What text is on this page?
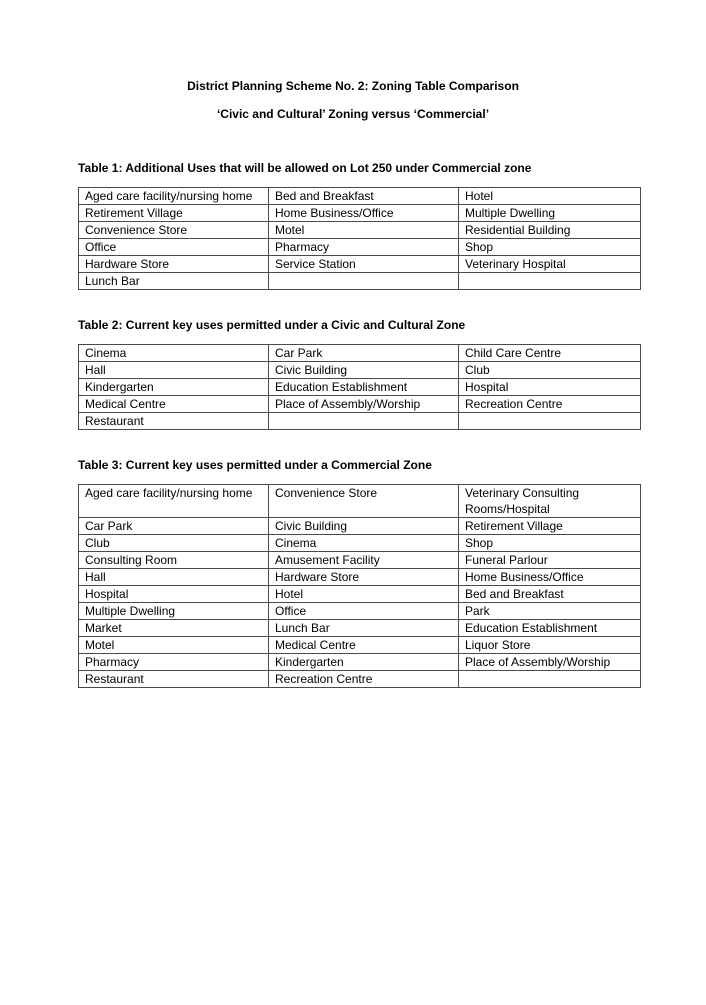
District Planning Scheme No. 2: Zoning Table Comparison
‘Civic and Cultural’ Zoning versus ‘Commercial’
Table 1: Additional Uses that will be allowed on Lot 250 under Commercial zone
Aged care facility/nursing home	Bed and Breakfast	Hotel
Retirement Village	Home Business/Office	Multiple Dwelling
Convenience Store	Motel	Residential Building
Office	Pharmacy	Shop
Hardware Store	Service Station	Veterinary Hospital
Lunch Bar		
Table 2: Current key uses permitted under a Civic and Cultural Zone
Cinema	Car Park	Child Care Centre
Hall	Civic Building	Club
Kindergarten	Education Establishment	Hospital
Medical Centre	Place of Assembly/Worship	Recreation Centre
Restaurant		
Table 3: Current key uses permitted under a Commercial Zone
Aged care facility/nursing home	Convenience Store	Veterinary Consulting Rooms/Hospital
Car Park	Civic Building	Retirement Village
Club	Cinema	Shop
Consulting Room	Amusement Facility	Funeral Parlour
Hall	Hardware Store	Home Business/Office
Hospital	Hotel	Bed and Breakfast
Multiple Dwelling	Office	Park
Market	Lunch Bar	Education Establishment
Motel	Medical Centre	Liquor Store
Pharmacy	Kindergarten	Place of Assembly/Worship
Restaurant	Recreation Centre	
